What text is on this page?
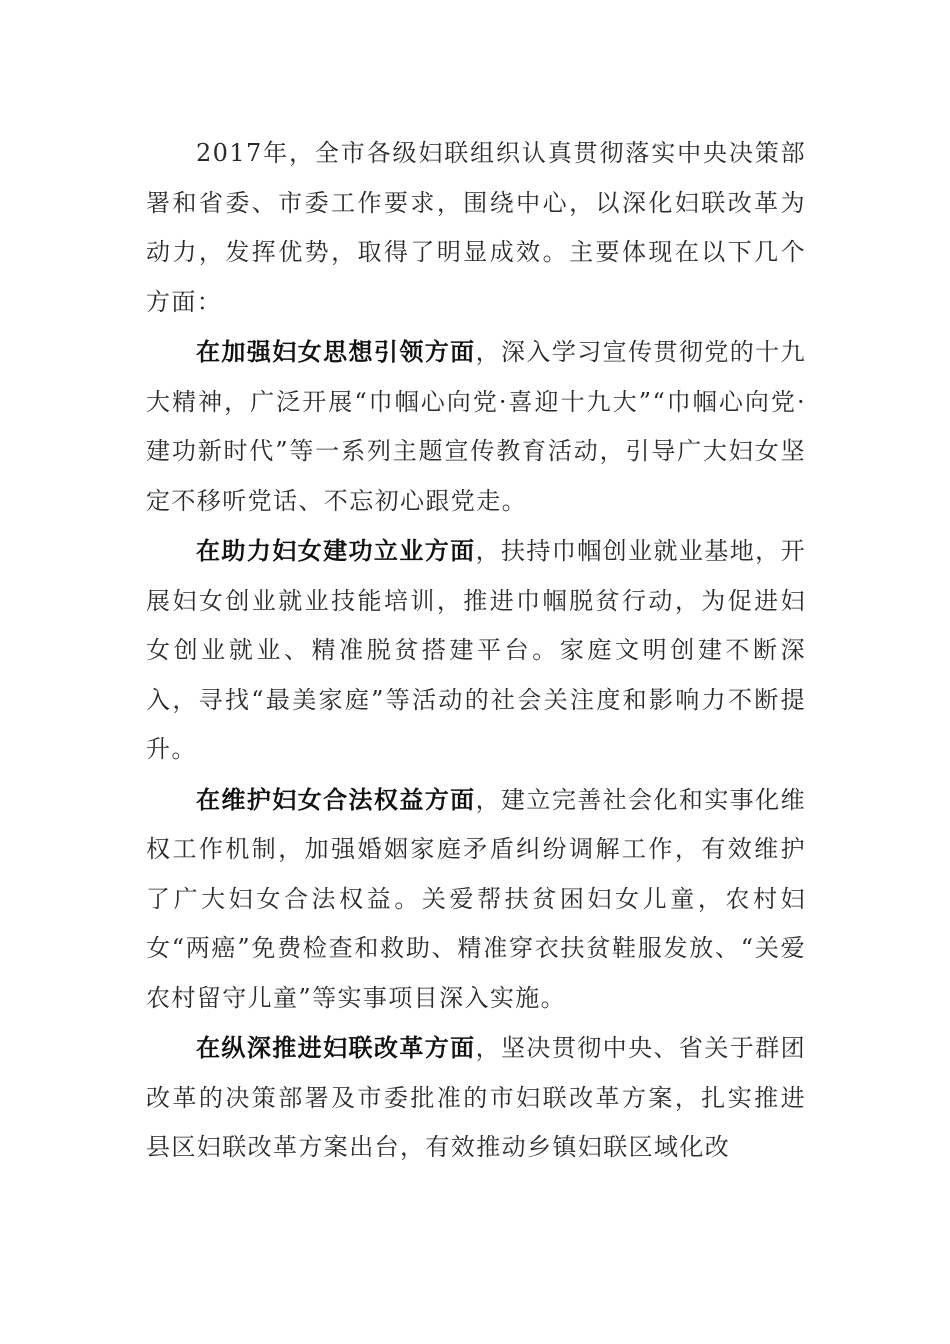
2017年，全市各级妇联组织认真贯彻落实中央决策部署和省委、市委工作要求，围绕中心，以深化妇联改革为动力，发挥优势，取得了明显成效。主要体现在以下几个方面：

在加强妇女思想引领方面，深入学习宣传贯彻党的十九大精神，广泛开展“巾帼心向党·喜迎十九大”“巾帼心向党·建功新时代”等一系列主题宣传教育活动，引导广大妇女坚定不移听党话、不忘初心跟党走。

在助力妇女建功立业方面，扶持巾帼创业就业基地，开展妇女创业就业技能培训，推进巾帼脱贫行动，为促进妇女创业就业、精准脱贫搭建平台。家庭文明创建不断深入，寻找“最美家庭”等活动的社会关注度和影响力不断提升。

在维护妇女合法权益方面，建立完善社会化和实事化维权工作机制，加强婚姻家庭矛盾纠纷调解工作，有效维护了广大妇女合法权益。关爱帮扶贫困妇女儿童，农村妇女“两癌”免费检查和救助、精准穿衣扶贫鞋服发放、“关爱农村留守儿童”等实事项目深入实施。

在纵深推进妇联改革方面，坚决贯彻中央、省关于群团改革的决策部署及市委批准的市妇联改革方案，扎实推进县区妇联改革方案出台，有效推动乡镇妇联区域化改
